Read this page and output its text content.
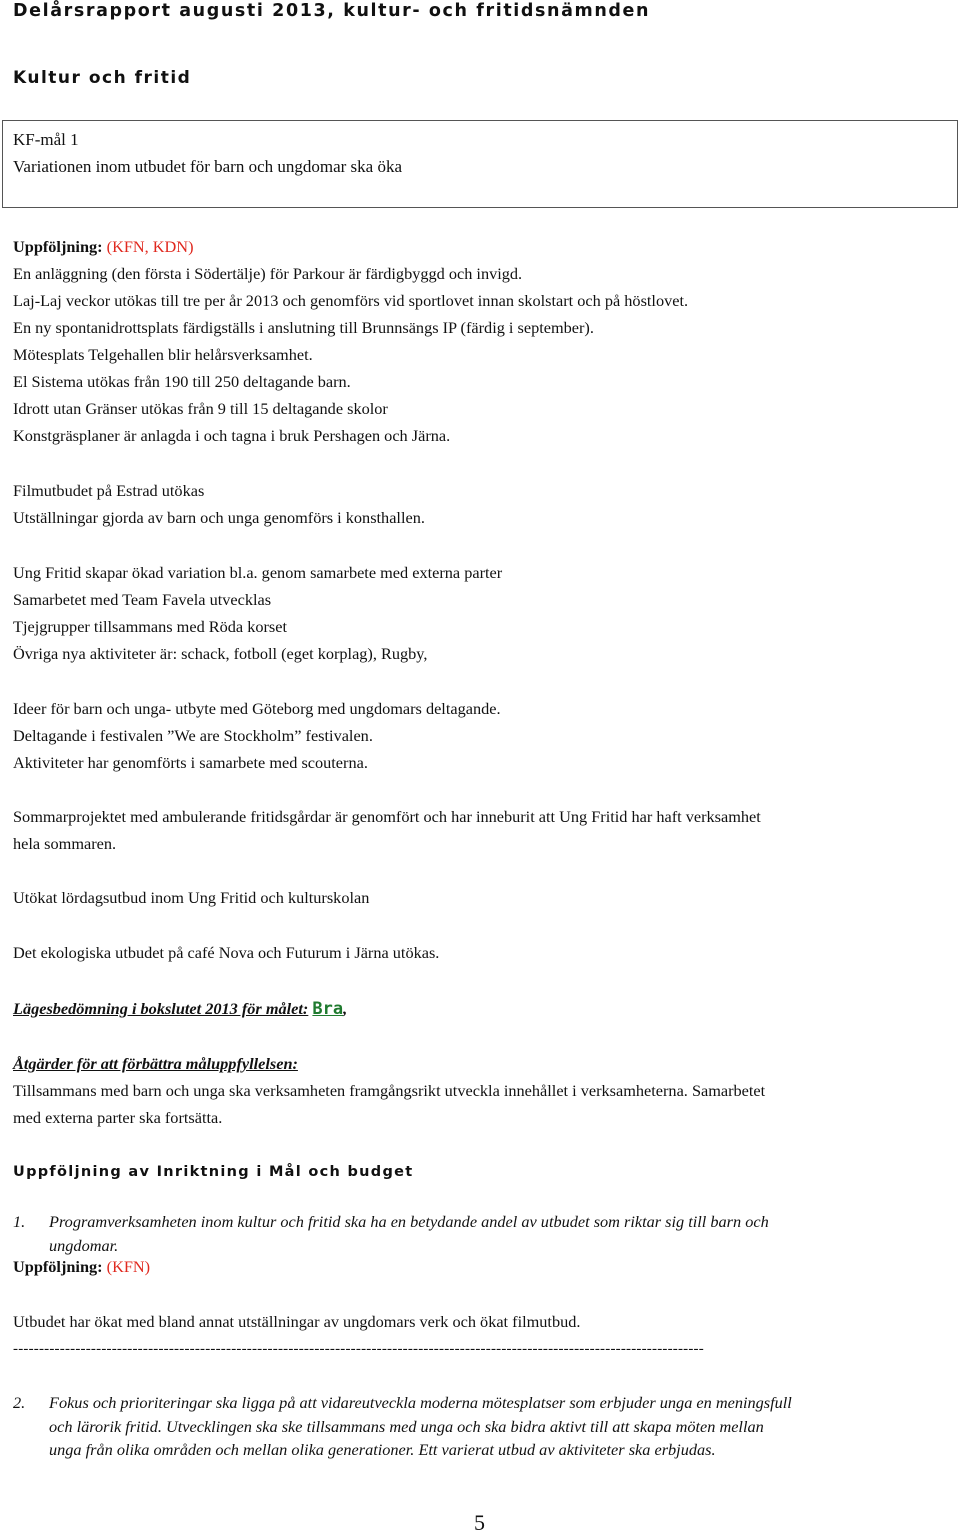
Delårsrapport augusti 2013, kultur- och fritidsnämnden
Kultur och fritid
KF-mål 1
Variationen inom utbudet för barn och ungdomar ska öka
Uppföljning: (KFN, KDN)
En anläggning (den första i Södertälje) för Parkour är färdigbyggd och invigd.
Laj-Laj veckor utökas till tre per år 2013 och genomförs vid sportlovet innan skolstart och på höstlovet.
En ny spontanidrottsplats färdigställs i anslutning till Brunnsängs IP (färdig i september).
Mötesplats Telgehallen blir helårsverksamhet.
El Sistema utökas från 190 till 250 deltagande barn.
Idrott utan Gränser utökas från 9 till 15 deltagande skolor
Konstgräsplaner är anlagda i och tagna i bruk Pershagen och Järna.
Filmutbudet på Estrad utökas
Utställningar gjorda av barn och unga genomförs i konsthallen.
Ung Fritid skapar ökad variation bl.a. genom samarbete med externa parter
Samarbetet med Team Favela utvecklas
Tjejgrupper tillsammans med Röda korset
Övriga nya aktiviteter är: schack, fotboll (eget korplag), Rugby,
Ideer för barn och unga- utbyte med Göteborg med ungdomars deltagande.
Deltagande i festivalen ”We are Stockholm” festivalen.
Aktiviteter har genomförts i samarbete med scouterna.
Sommarprojektet med ambulerande fritidsgårdar är genomfört och har inneburit att Ung Fritid har haft verksamhet
hela sommaren.
Utökat lördagsutbud inom Ung Fritid och kulturskolan
Det ekologiska utbudet på café Nova och Futurum i Järna utökas.
Lägesbedömning i bokslutet 2013 för målet: Bra,
Åtgärder för att förbättra måluppfyllelsen:
Tillsammans med barn och unga ska verksamheten framgångsrikt utveckla innehållet i verksamheterna. Samarbetet
med externa parter ska fortsätta.
Uppföljning av Inriktning i Mål och budget
1. Programverksamheten inom kultur och fritid ska ha en betydande andel av utbudet som riktar sig till barn och
ungdomar.
Uppföljning: (KFN)
Utbudet har ökat med bland annat utställningar av ungdomars verk och ökat filmutbud.
-------------------------------------------------------------------------------------------------------------------------------------
2. Fokus och prioriteringar ska ligga på att vidareutveckla moderna mötesplatser som erbjuder unga en meningsfull
och lärorik fritid. Utvecklingen ska ske tillsammans med unga och ska bidra aktivt till att skapa möten mellan
unga från olika områden och mellan olika generationer. Ett varierat utbud av aktiviteter ska erbjudas.
5
